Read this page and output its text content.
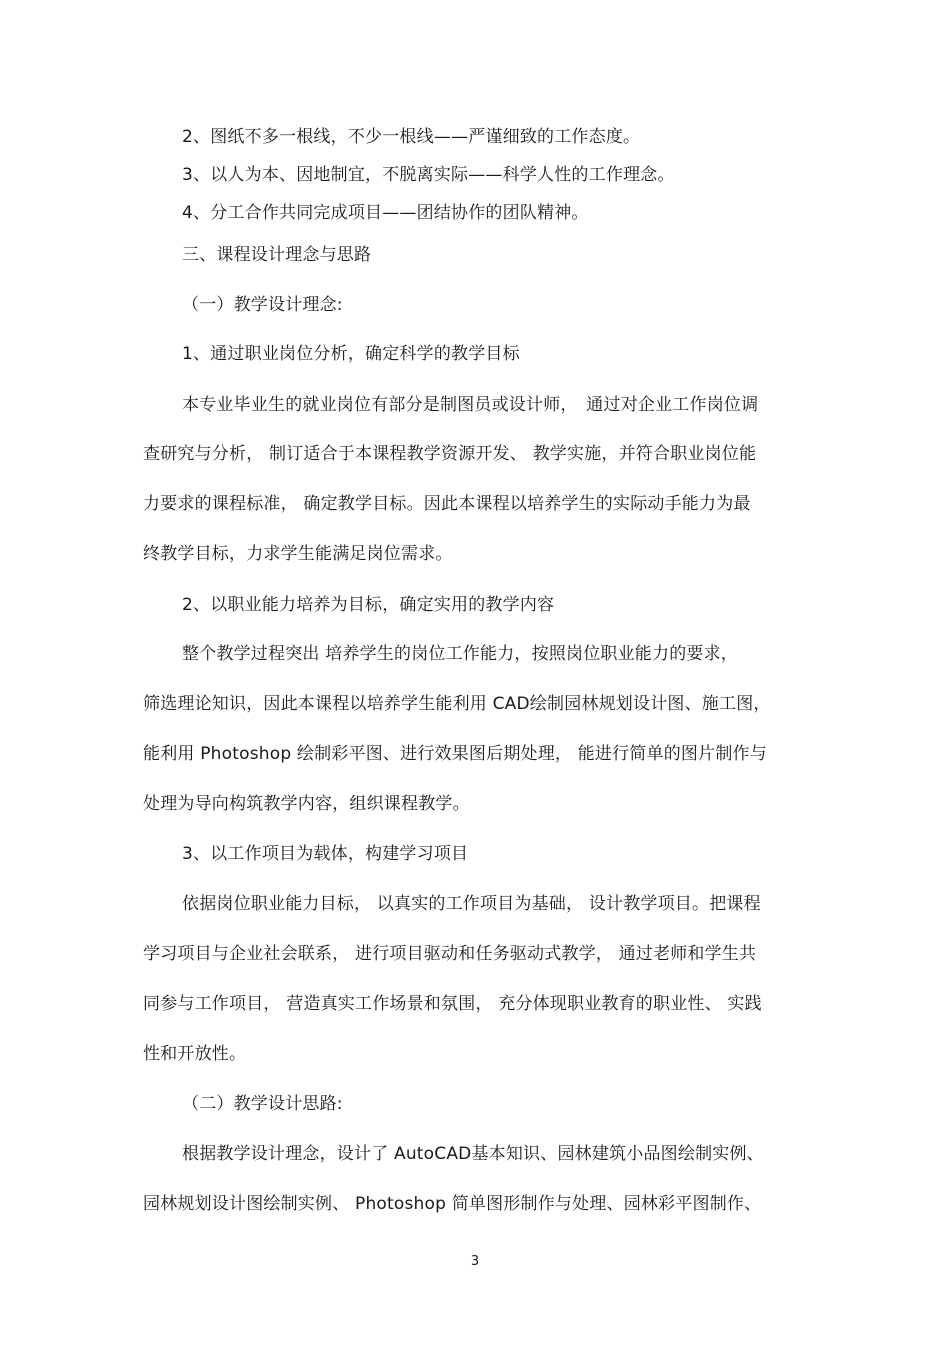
2、图纸不多一根线，不少一根线——严谨细致的工作态度。
3、以人为本、因地制宜，不脱离实际——科学人性的工作理念。
4、分工合作共同完成项目——团结协作的团队精神。
三、课程设计理念与思路
（一）教学设计理念:
1、通过职业岗位分析，确定科学的教学目标
本专业毕业生的就业岗位有部分是制图员或设计师，　通过对企业工作岗位调
查研究与分析， 制订适合于本课程教学资源开发、 教学实施，并符合职业岗位能
力要求的课程标准， 确定教学目标。因此本课程以培养学生的实际动手能力为最
终教学目标，力求学生能满足岗位需求。
2、以职业能力培养为目标，确定实用的教学内容
整个教学过程突出 培养学生的岗位工作能力，按照岗位职业能力的要求，
筛选理论知识，因此本课程以培养学生能利用 CAD绘制园林规划设计图、施工图，
能利用 Photoshop 绘制彩平图、进行效果图后期处理， 能进行简单的图片制作与
处理为导向构筑教学内容，组织课程教学。
3、以工作项目为载体，构建学习项目
依据岗位职业能力目标， 以真实的工作项目为基础， 设计教学项目。把课程
学习项目与企业社会联系， 进行项目驱动和任务驱动式教学， 通过老师和学生共
同参与工作项目， 营造真实工作场景和氛围， 充分体现职业教育的职业性、 实践
性和开放性。
（二）教学设计思路:
根据教学设计理念，设计了 AutoCAD基本知识、园林建筑小品图绘制实例、
园林规划设计图绘制实例、 Photoshop 简单图形制作与处理、园林彩平图制作、
3
